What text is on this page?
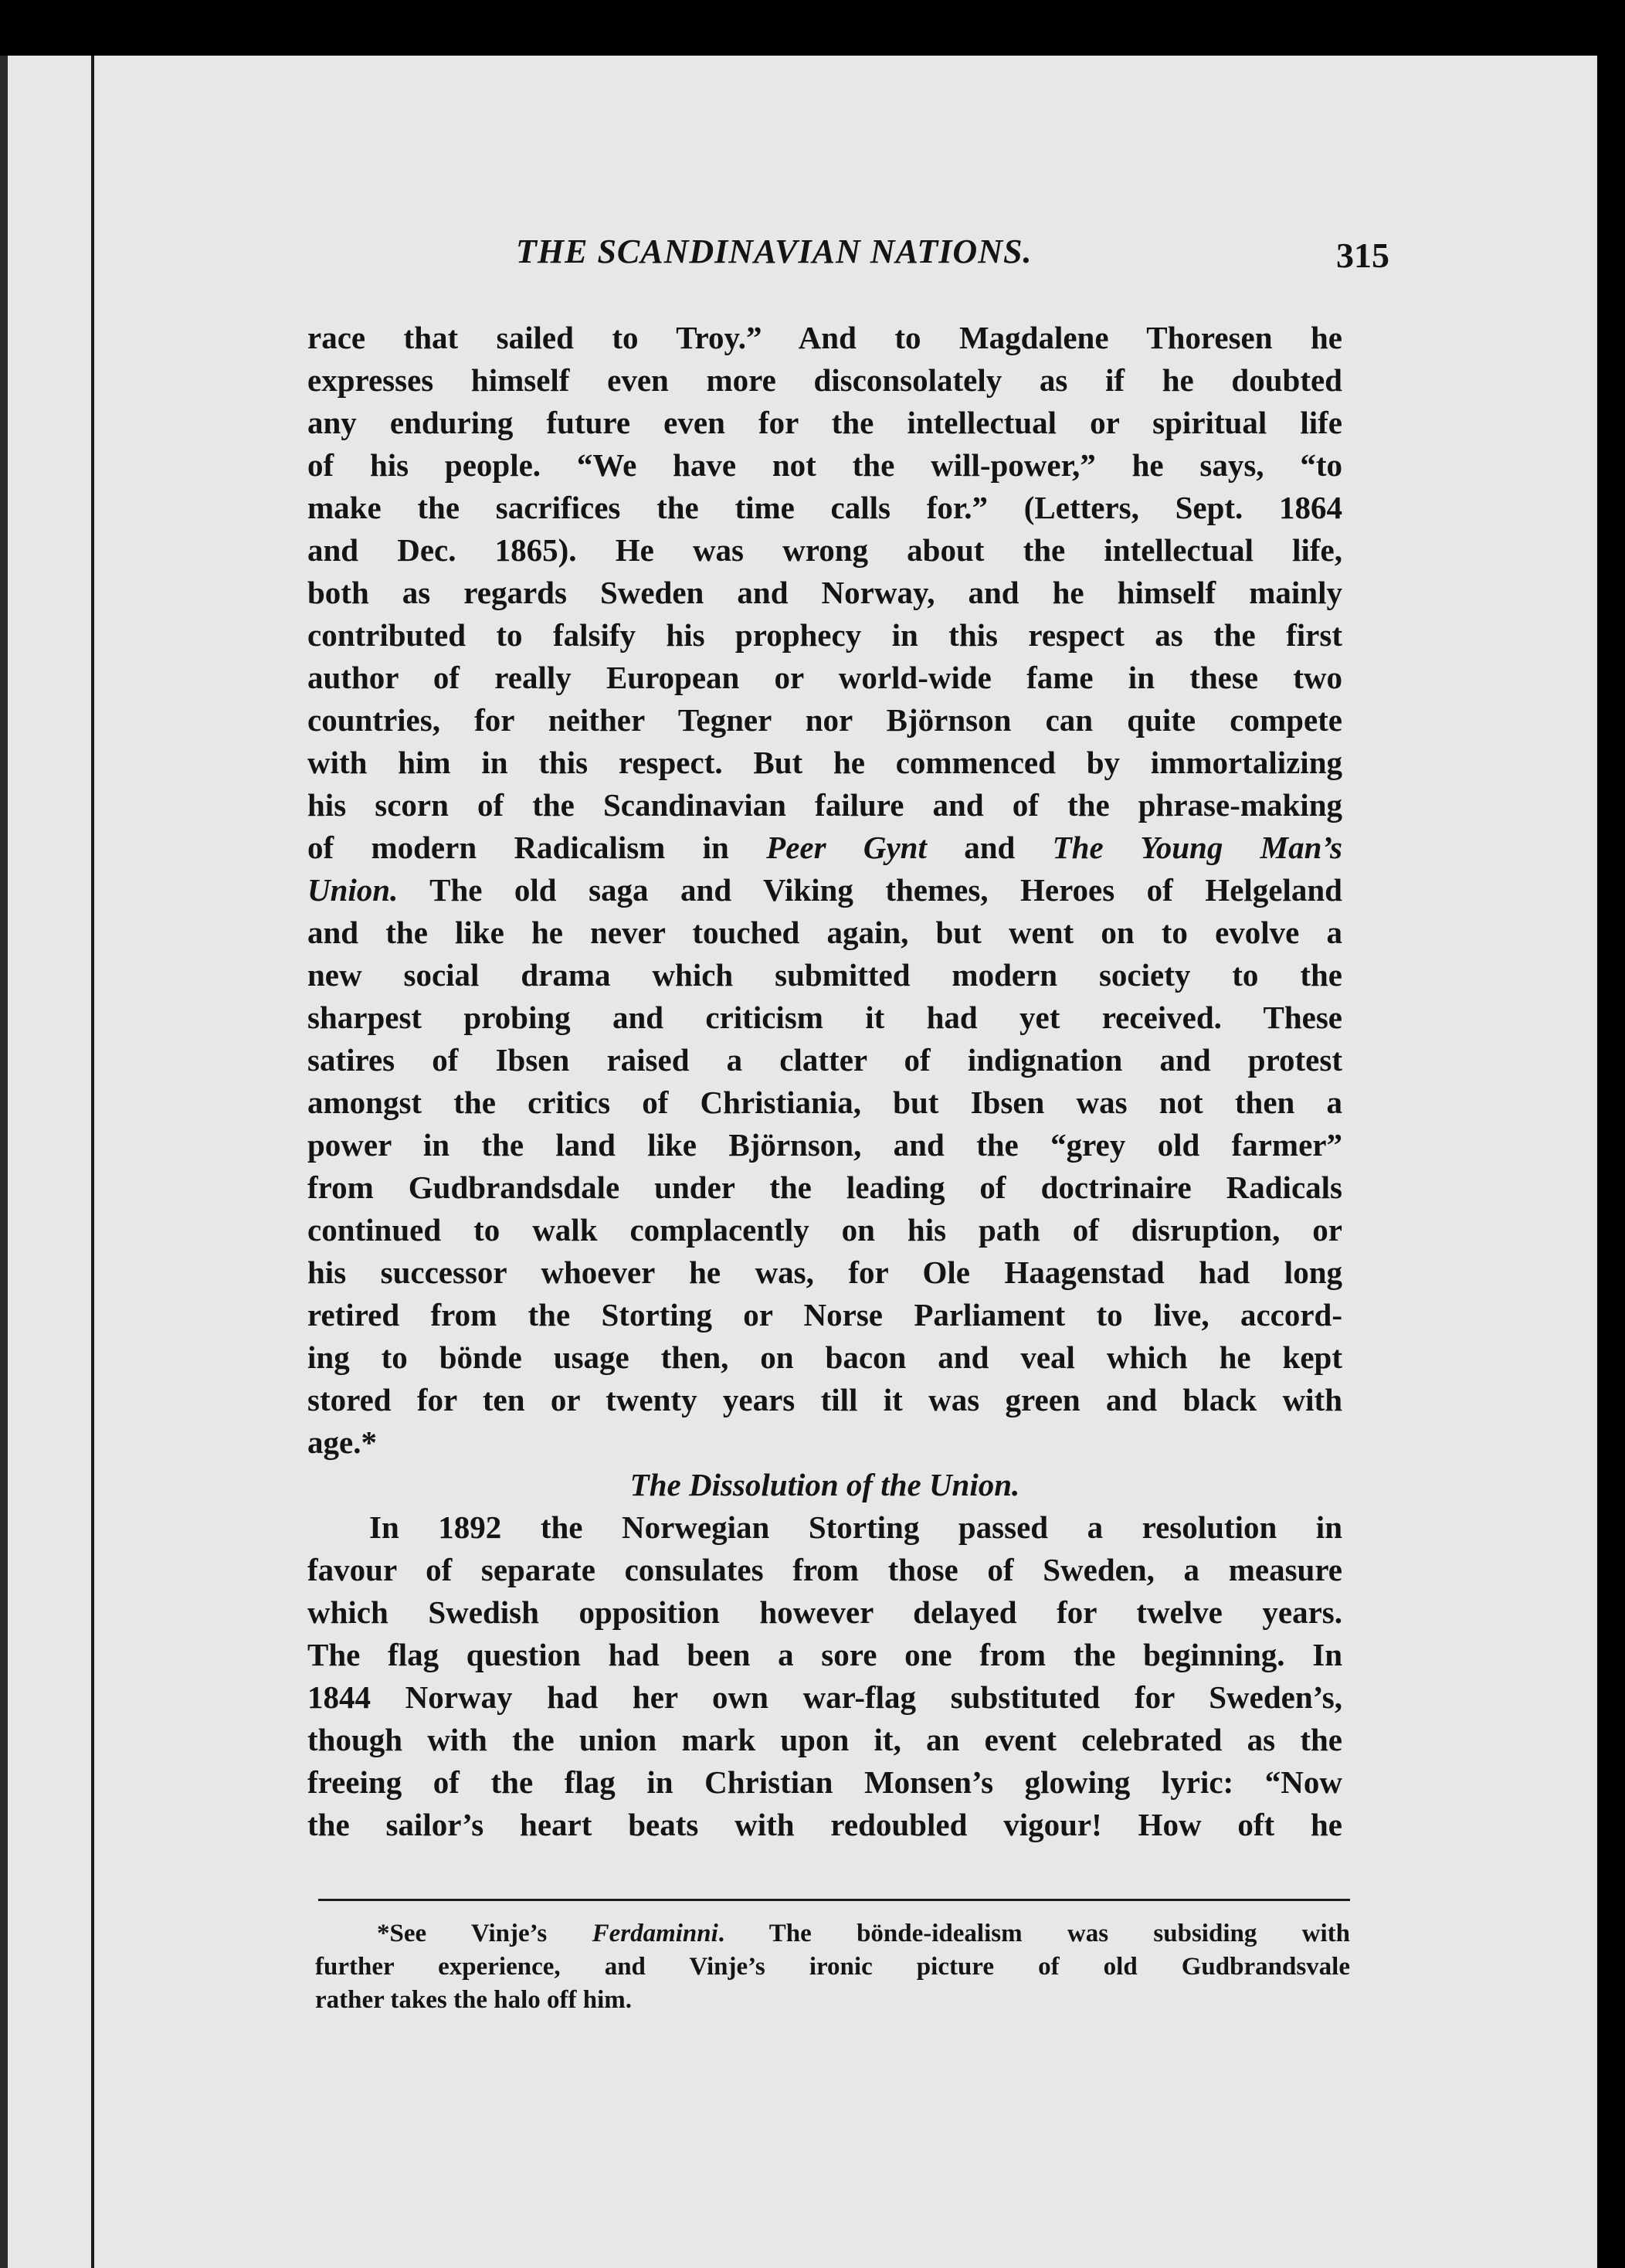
THE SCANDINAVIAN NATIONS.	315
race that sailed to Troy.” And to Magdalene Thoresen he
expresses himself even more disconsolately as if he doubted
any enduring future even for the intellectual or spiritual life
of his people. “We have not the will-power,” he says, “to
make the sacrifices the time calls for.” (Letters, Sept. 1864
and Dec. 1865). He was wrong about the intellectual life,
both as regards Sweden and Norway, and he himself mainly
contributed to falsify his prophecy in this respect as the first
author of really European or world-wide fame in these two
countries, for neither Tegner nor Björnson can quite compete
with him in this respect. But he commenced by immortalizing
his scorn of the Scandinavian failure and of the phrase-making
of modern Radicalism in Peer Gynt and The Young Man’s
Union. The old saga and Viking themes, Heroes of Helgeland
and the like he never touched again, but went on to evolve a
new social drama which submitted modern society to the
sharpest probing and criticism it had yet received. These
satires of Ibsen raised a clatter of indignation and protest
amongst the critics of Christiania, but Ibsen was not then a
power in the land like Björnson, and the “grey old farmer”
from Gudbrandsdale under the leading of doctrinaire Radicals
continued to walk complacently on his path of disruption, or
his successor whoever he was, for Ole Haagenstad had long
retired from the Storting or Norse Parliament to live, accord-
ing to bönde usage then, on bacon and veal which he kept
stored for ten or twenty years till it was green and black with
age.*
The Dissolution of the Union.
In 1892 the Norwegian Storting passed a resolution in
favour of separate consulates from those of Sweden, a measure
which Swedish opposition however delayed for twelve years.
The flag question had been a sore one from the beginning. In
1844 Norway had her own war-flag substituted for Sweden’s,
though with the union mark upon it, an event celebrated as the
freeing of the flag in Christian Monsen’s glowing lyric: “Now
the sailor’s heart beats with redoubled vigour! How oft he
*See Vinje’s Ferdaminni. The bönde-idealism was subsiding with
further experience, and Vinje’s ironic picture of old Gudbrandsvale
rather takes the halo off him.
